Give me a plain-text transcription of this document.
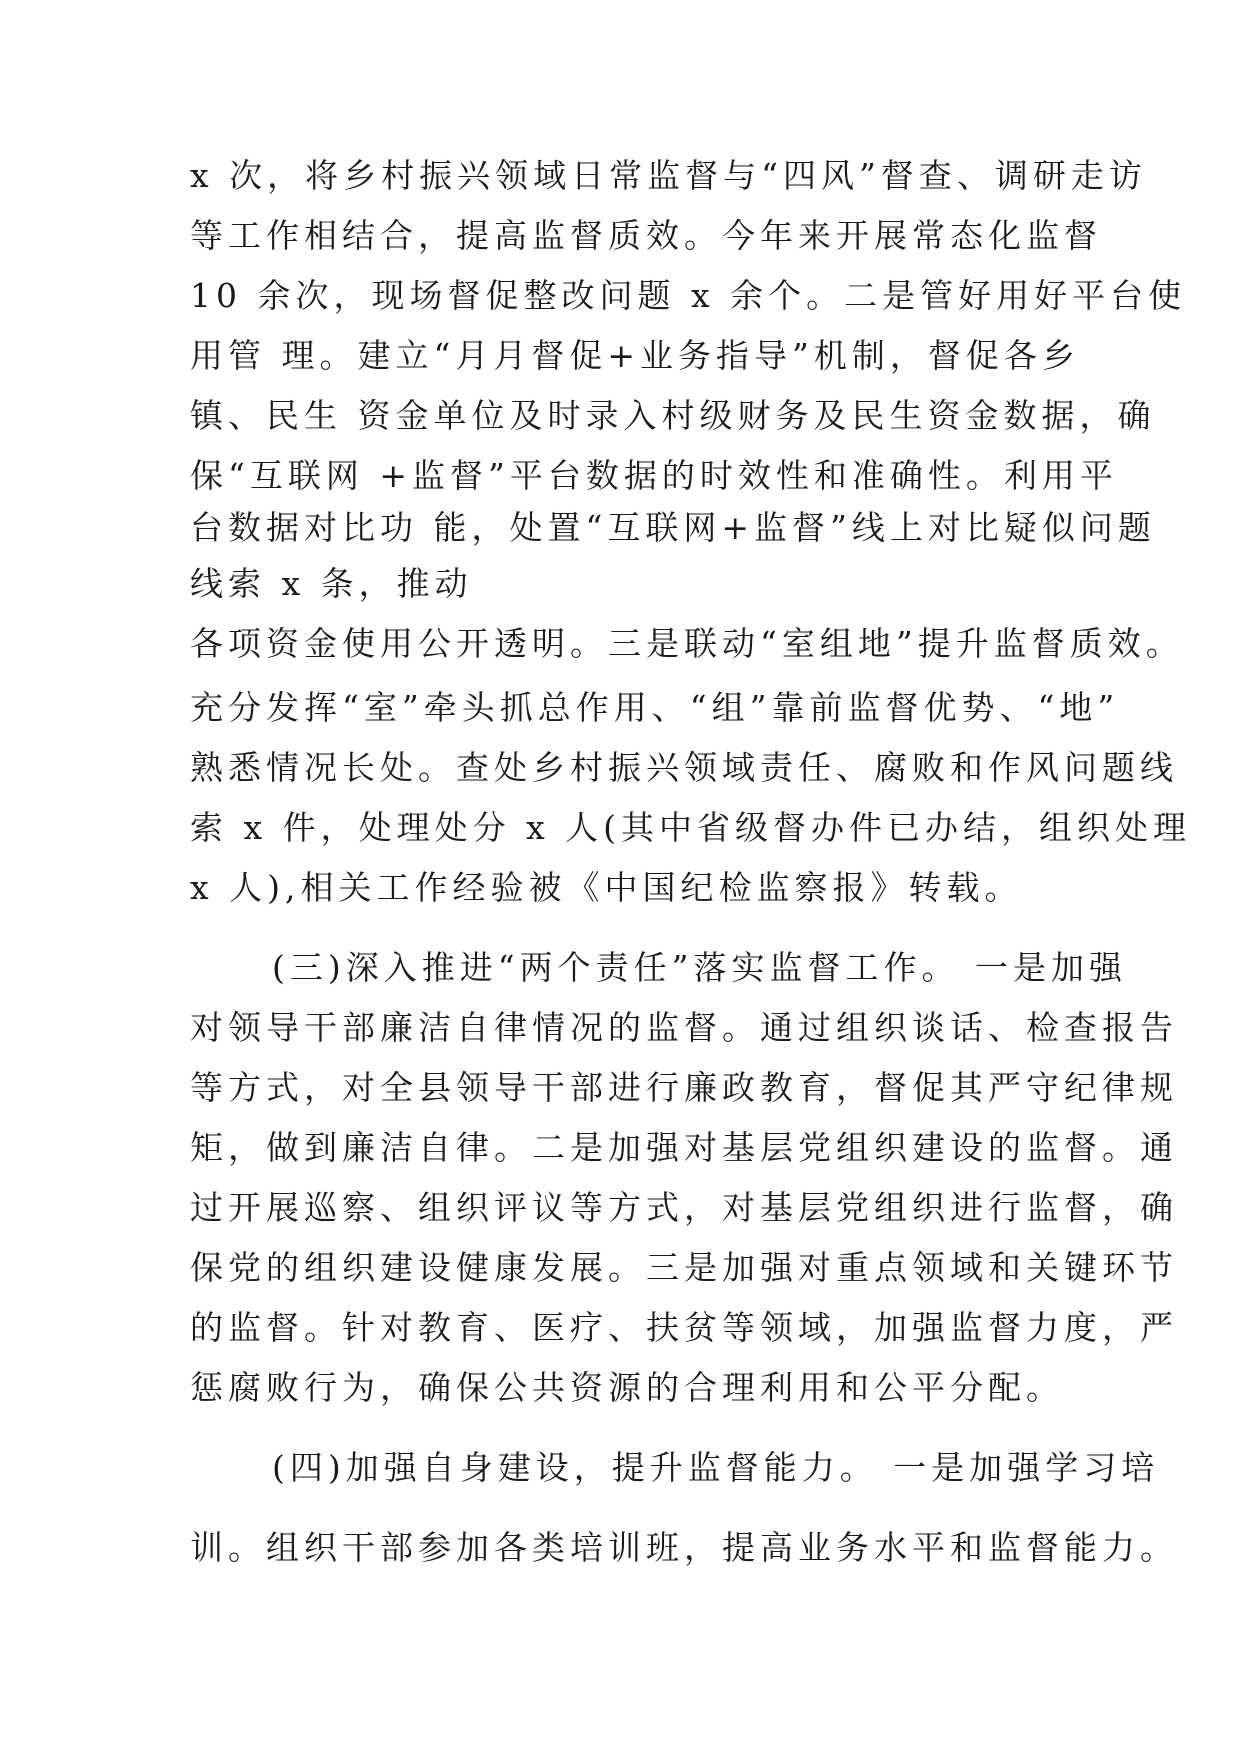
x 次，将乡村振兴领域日常监督与“四风”督查、调研走访
等工作相结合，提高监督质效。今年来开展常态化监督
10 余次，现场督促整改问题 x 余个。二是管好用好平台使
用管 理。建立“月月督促+业务指导”机制，督促各乡
镇、民生 资金单位及时录入村级财务及民生资金数据，确
保“互联网 +监督”平台数据的时效性和准确性。利用平
台数据对比功 能，处置“互联网+监督”线上对比疑似问题
线索 x 条，推动
各项资金使用公开透明。三是联动“室组地”提升监督质效。
充分发挥“室”牵头抓总作用、“组”靠前监督优势、“地”
熟悉情况长处。查处乡村振兴领域责任、腐败和作风问题线
索 x 件，处理处分 x 人(其中省级督办件已办结，组织处理
x 人),相关工作经验被《中国纪检监察报》转载。
(三)深入推进“两个责任”落实监督工作。 一是加强
对领导干部廉洁自律情况的监督。通过组织谈话、检查报告
等方式，对全县领导干部进行廉政教育，督促其严守纪律规
矩，做到廉洁自律。二是加强对基层党组织建设的监督。通
过开展巡察、组织评议等方式，对基层党组织进行监督，确
保党的组织建设健康发展。三是加强对重点领域和关键环节
的监督。针对教育、医疗、扶贫等领域，加强监督力度，严
惩腐败行为，确保公共资源的合理利用和公平分配。
(四)加强自身建设，提升监督能力。 一是加强学习培
训。组织干部参加各类培训班，提高业务水平和监督能力。
